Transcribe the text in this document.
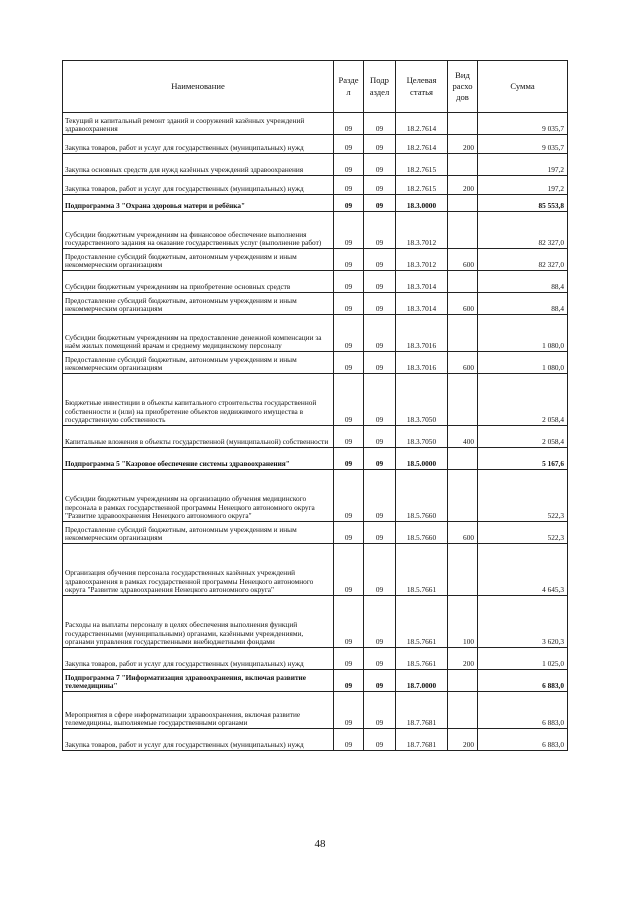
Наименование	Разде л	Подр аздел	Целевая статья	Вид расхо дов	Сумма
Текущий и капитальный ремонт зданий и сооружений казённых учреждений здравоохранения	09	09	18.2.7614		9 035,7
Закупка товаров, работ и услуг для государственных (муниципальных) нужд	09	09	18.2.7614	200	9 035,7
Закупка основных средств для нужд казённых учреждений здравоохранения	09	09	18.2.7615		197,2
Закупка товаров, работ и услуг для государственных (муниципальных) нужд	09	09	18.2.7615	200	197,2
Подпрограмма 3 "Охрана здоровья матери и ребёнка"	09	09	18.3.0000		85 553,8
Субсидии бюджетным учреждениям на финансовое обеспечение выполнения государственного задания на оказание государственных услуг (выполнение работ)	09	09	18.3.7012		82 327,0
Предоставление субсидий бюджетным, автономным учреждениям и иным некоммерческим организациям	09	09	18.3.7012	600	82 327,0
Субсидии бюджетным учреждениям на приобретение основных средств	09	09	18.3.7014		88,4
Предоставление субсидий бюджетным, автономным учреждениям и иным некоммерческим организациям	09	09	18.3.7014	600	88,4
Субсидии бюджетным учреждениям на предоставление денежной компенсации за наём жилых помещений врачам и среднему медицинскому персоналу	09	09	18.3.7016		1 080,0
Предоставление субсидий бюджетным, автономным учреждениям и иным некоммерческим организациям	09	09	18.3.7016	600	1 080,0
Бюджетные инвестиции в объекты капитального строительства государственной собственности и (или) на приобретение объектов недвижимого имущества в государственную собственность	09	09	18.3.7050		2 058,4
Капитальные вложения в объекты государственной (муниципальной) собственности	09	09	18.3.7050	400	2 058,4
Подпрограмма 5 "Казровое обеспечение системы здравоохранения"	09	09	18.5.0000		5 167,6
Субсидии бюджетным учреждениям на организацию обучения медицинского персонала в рамках государственной программы Ненецкого автономного округа "Развитие здравоохранения Ненецкого автономного округа"	09	09	18.5.7660		522,3
Предоставление субсидий бюджетным, автономным учреждениям и иным некоммерческим организациям	09	09	18.5.7660	600	522,3
Организация обучения персонала государственных казённых учреждений здравоохранения в рамках государственной программы Ненецкого автономного округа "Развитие здравоохранения Ненецкого автономного округа"	09	09	18.5.7661		4 645,3
Расходы на выплаты персоналу в целях обеспечения выполнения функций государственными (муниципальными) органами, казёнными учреждениями, органами управления государственными внебюджетными фондами	09	09	18.5.7661	100	3 620,3
Закупка товаров, работ и услуг для государственных (муниципальных) нужд	09	09	18.5.7661	200	1 025,0
Подпрограмма 7 "Информатизация здравоохранения, включая развитие телемедицины"	09	09	18.7.0000		6 883,0
Мероприятия в сфере информатизации здравоохранения, включая развитие телемедицины, выполняемые государственными органами	09	09	18.7.7681		6 883,0
Закупка товаров, работ и услуг для государственных (муниципальных) нужд	09	09	18.7.7681	200	6 883,0
48
